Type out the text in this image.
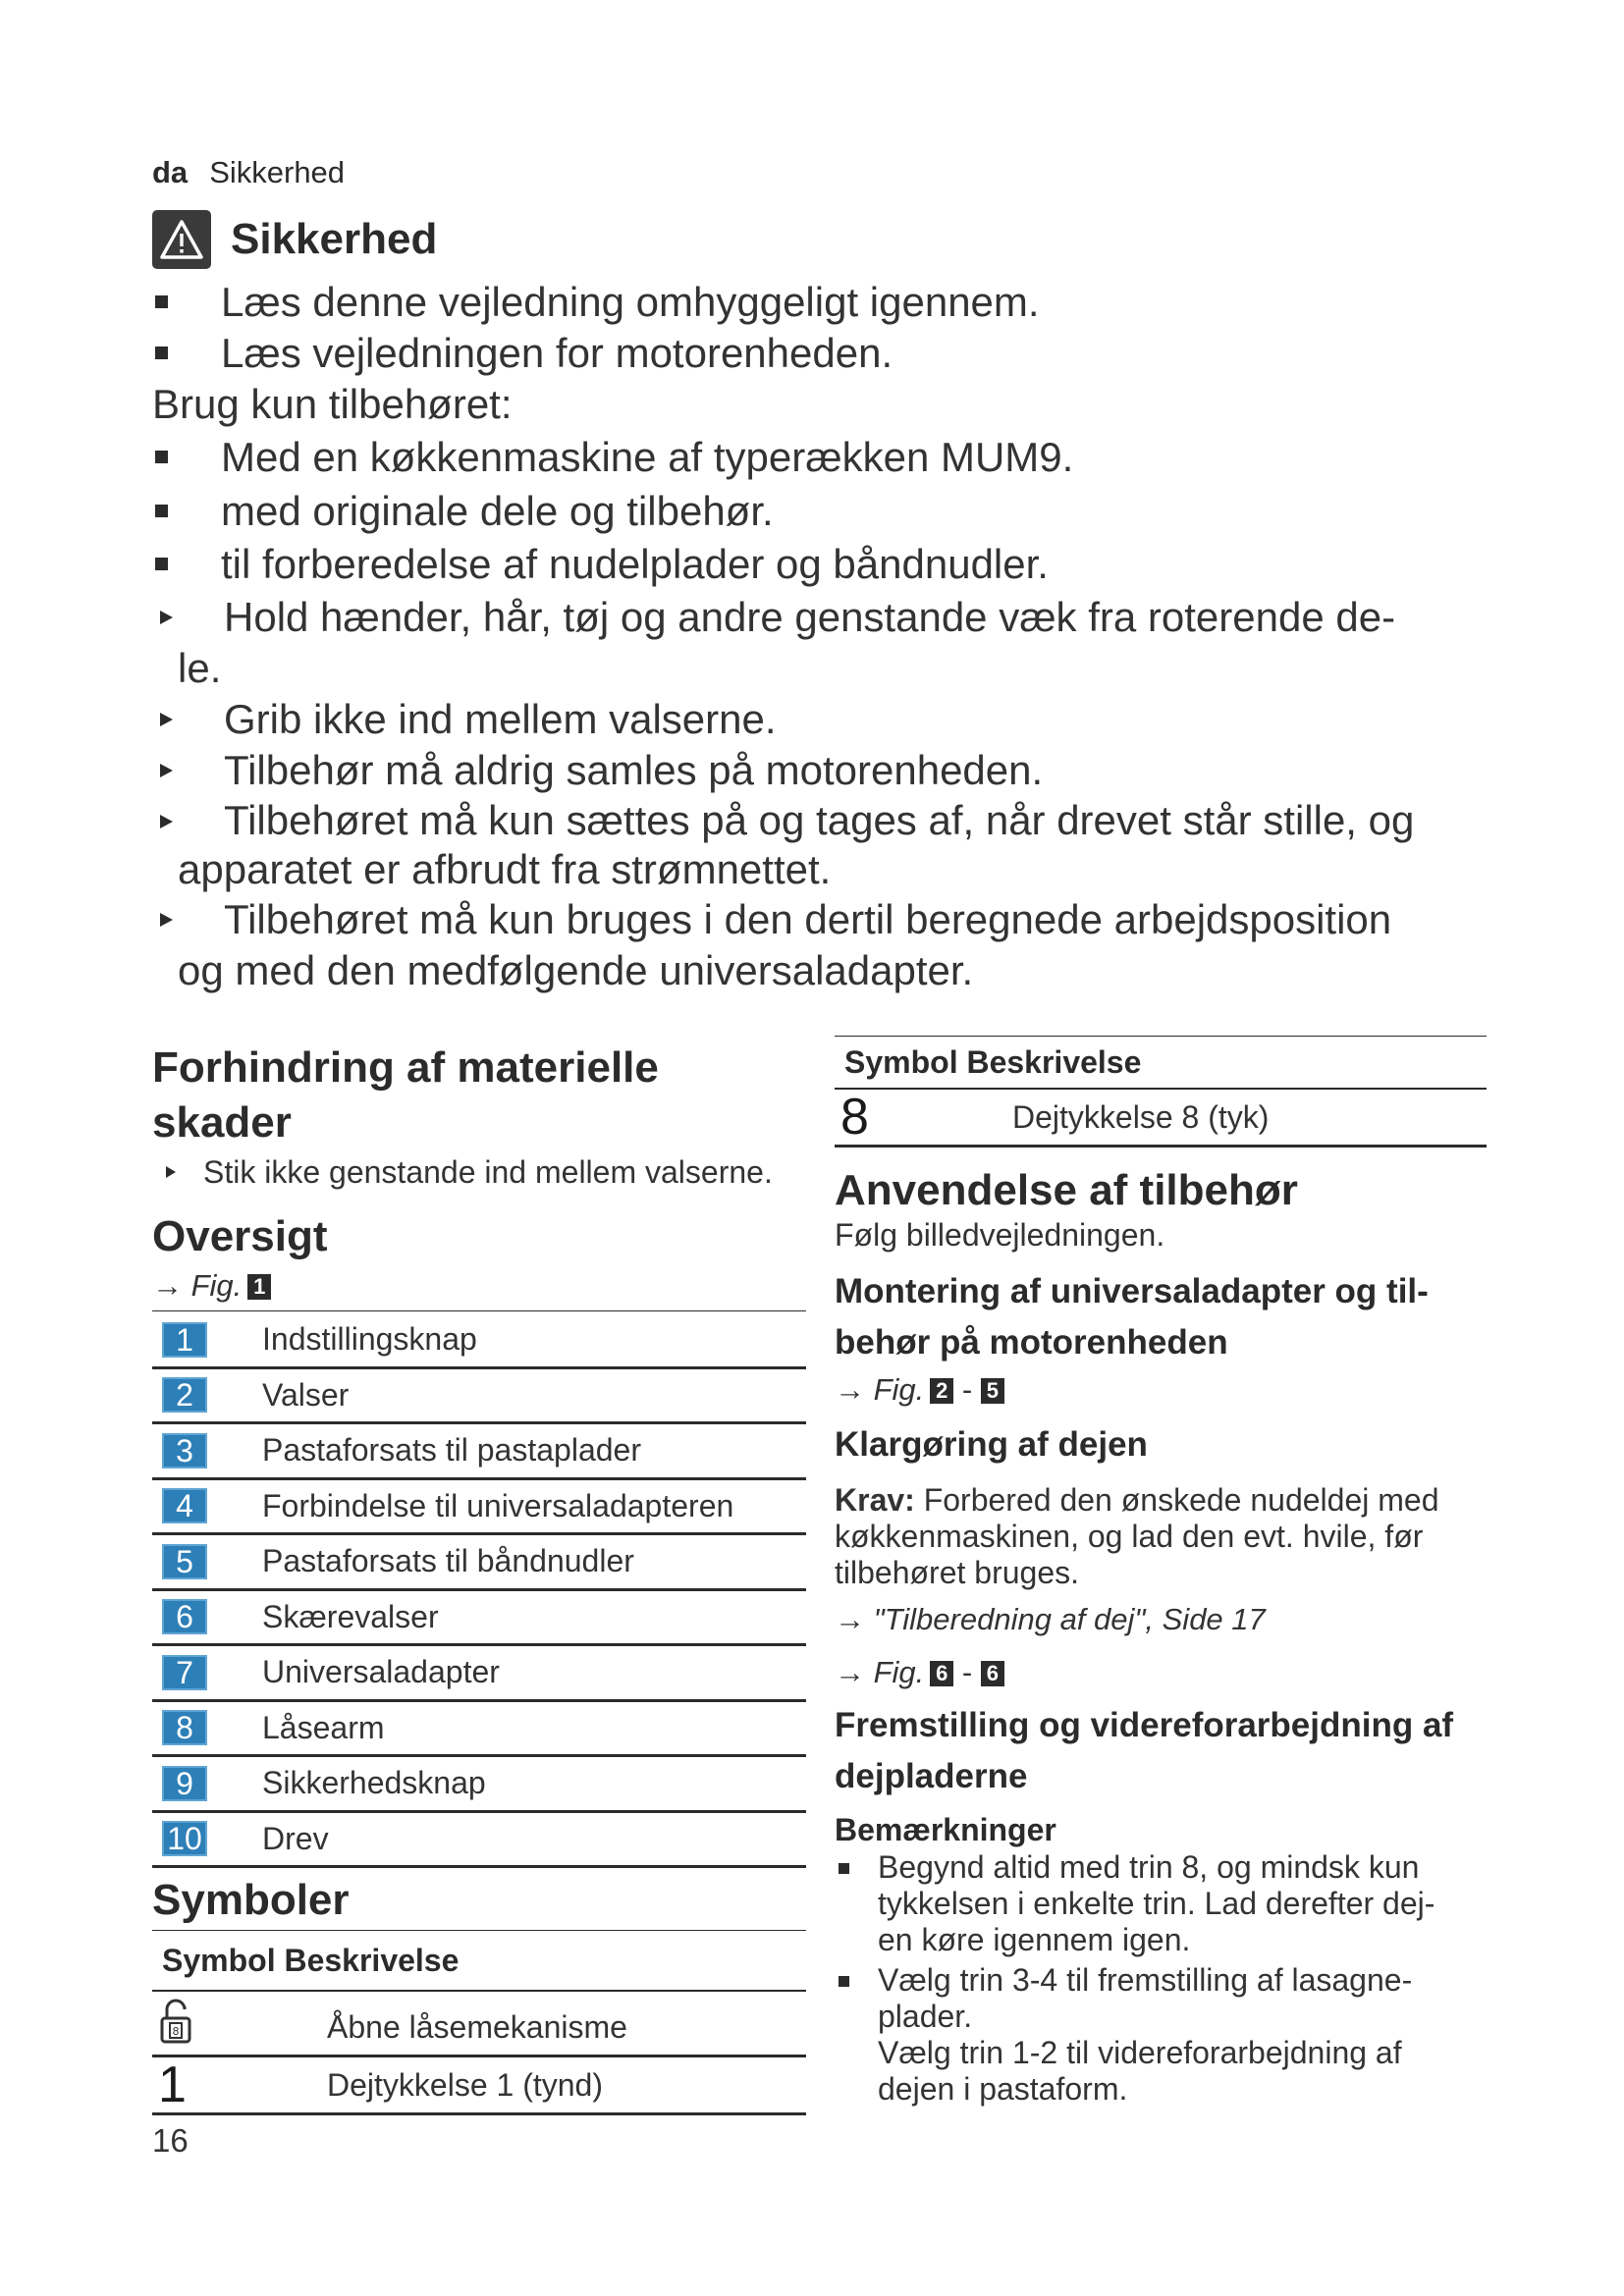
da Sikkerhed
Sikkerhed
Læs denne vejledning omhyggeligt igennem.
Læs vejledningen for motorenheden.
Brug kun tilbehøret:
Med en køkkenmaskine af typerækken MUM9.
med originale dele og tilbehør.
til forberedelse af nudelplader og båndnudler.
Hold hænder, hår, tøj og andre genstande væk fra roterende de-
le.
Grib ikke ind mellem valserne.
Tilbehør må aldrig samles på motorenheden.
Tilbehøret må kun sættes på og tages af, når drevet står stille, og
apparatet er afbrudt fra strømnettet.
Tilbehøret må kun bruges i den dertil beregnede arbejdsposition
og med den medfølgende universaladapter.
Forhindring af materielle
skader
Stik ikke genstande ind mellem valserne.
Oversigt
→ Fig. 1
1	Indstillingsknap
2	Valser
3	Pastaforsats til pastaplader
4	Forbindelse til universaladapteren
5	Pastaforsats til båndnudler
6	Skærevalser
7	Universaladapter
8	Låsearm
9	Sikkerhedsknap
10 Drev
Symboler
Symbol Beskrivelse
8	Åbne låsemekanisme
1	Dejtykkelse 1 (tynd)
16
Symbol Beskrivelse
8	Dejtykkelse 8 (tyk)
Anvendelse af tilbehør
Følg billedvejledningen.
Montering af universaladapter og til-
behør på motorenheden
→ Fig. 2 - 5
Klargøring af dejen
Krav: Forbered den ønskede nudeldej med
køkkenmaskinen, og lad den evt. hvile, før
tilbehøret bruges.
→ "Tilberedning af dej", Side 17
→ Fig. 6 - 6
Fremstilling og videreforarbejdning af
dejpladerne
Bemærkninger
Begynd altid med trin 8, og mindsk kun
tykkelsen i enkelte trin. Lad derefter dej-
en køre igennem igen.
Vælg trin 3-4 til fremstilling af lasagne-
plader.
Vælg trin 1-2 til videreforarbejdning af
dejen i pastaform.
